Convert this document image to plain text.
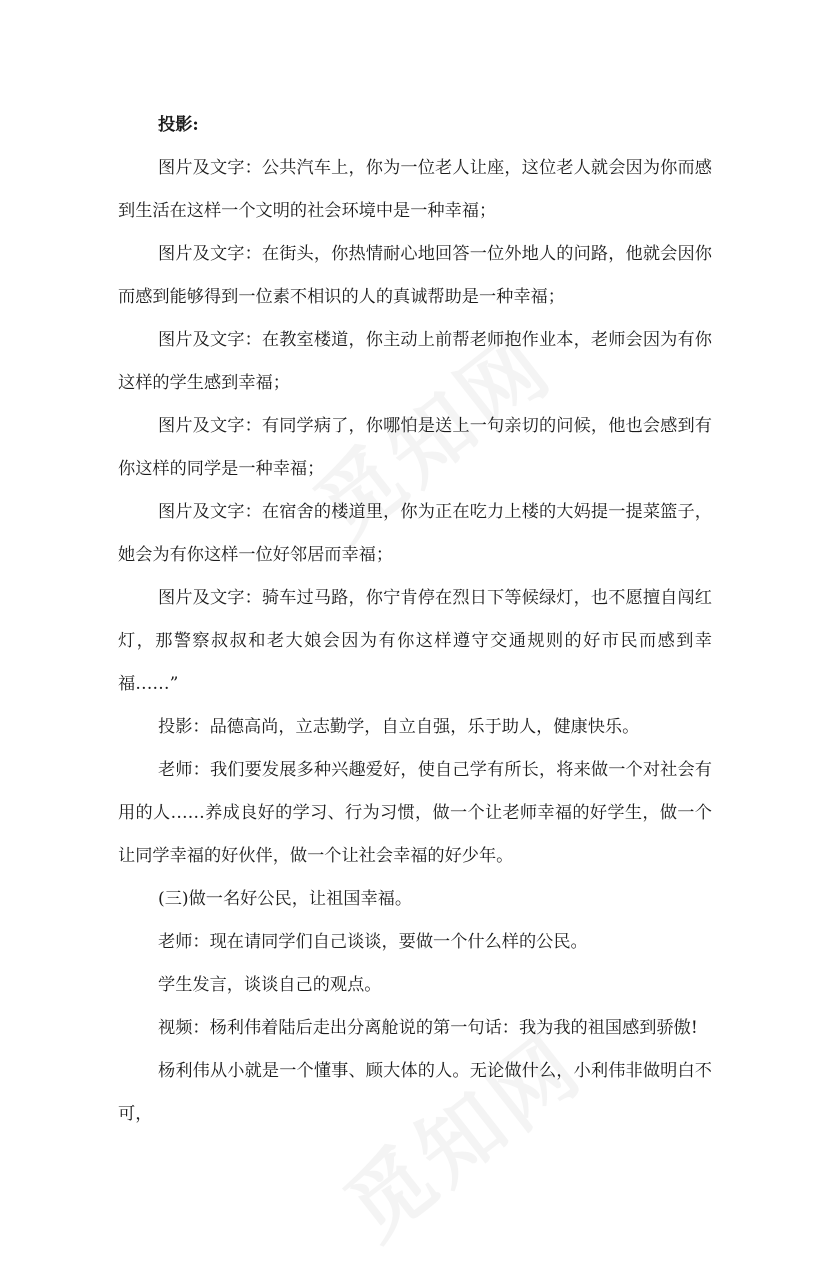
投影:

图片及文字：公共汽车上，你为一位老人让座，这位老人就会因为你而感到生活在这样一个文明的社会环境中是一种幸福；

图片及文字：在街头，你热情耐心地回答一位外地人的问路，他就会因你而感到能够得到一位素不相识的人的真诚帮助是一种幸福；

图片及文字：在教室楼道，你主动上前帮老师抱作业本，老师会因为有你这样的学生感到幸福；

图片及文字：有同学病了，你哪怕是送上一句亲切的问候，他也会感到有你这样的同学是一种幸福；

图片及文字：在宿舍的楼道里，你为正在吃力上楼的大妈提一提菜篮子，她会为有你这样一位好邻居而幸福；

图片及文字：骑车过马路，你宁肯停在烈日下等候绿灯，也不愿擅自闯红灯，那警察叔叔和老大娘会因为有你这样遵守交通规则的好市民而感到幸福……”

投影：品德高尚，立志勤学，自立自强，乐于助人，健康快乐。

老师：我们要发展多种兴趣爱好，使自己学有所长，将来做一个对社会有用的人……养成良好的学习、行为习惯，做一个让老师幸福的好学生，做一个让同学幸福的好伙伴，做一个让社会幸福的好少年。

(三)做一名好公民，让祖国幸福。

老师：现在请同学们自己谈谈，要做一个什么样的公民。

学生发言，谈谈自己的观点。

视频：杨利伟着陆后走出分离舱说的第一句话：我为我的祖国感到骄傲!

杨利伟从小就是一个懂事、顾大体的人。无论做什么，小利伟非做明白不可，
